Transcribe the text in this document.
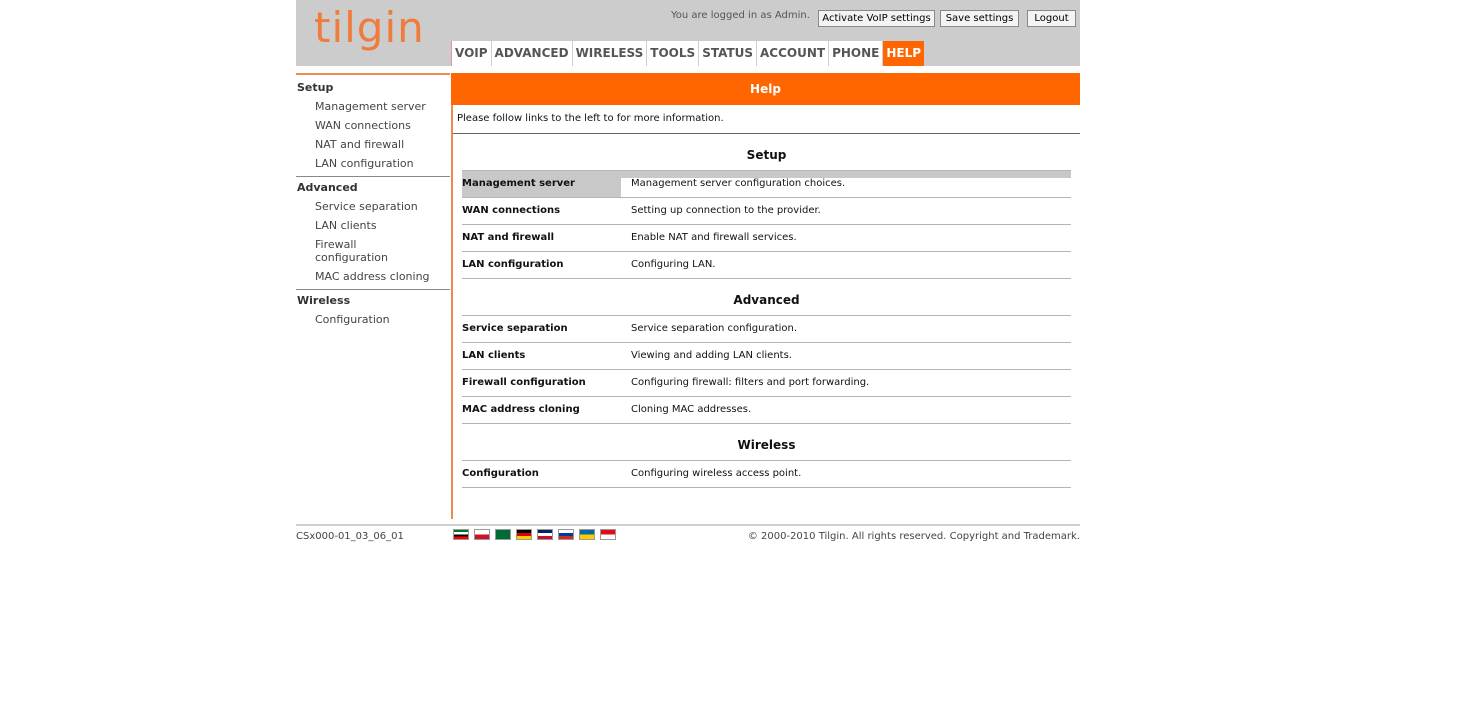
tilgin	You are logged in as Admin.	Activate VoIP settings	Save settings	Logout
VOIP ADVANCED WIRELESS TOOLS STATUS ACCOUNT PHONE HELP
Setup
Management server
WAN connections
NAT and firewall
LAN configuration
Advanced
Service separation
LAN clients
Firewall configuration
MAC address cloning
Wireless
Configuration
Help
Please follow links to the left to for more information.
Setup
Management server	Management server configuration choices.
WAN connections	Setting up connection to the provider.
NAT and firewall	Enable NAT and firewall services.
LAN configuration	Configuring LAN.
Advanced
Service separation	Service separation configuration.
LAN clients	Viewing and adding LAN clients.
Firewall configuration	Configuring firewall: filters and port forwarding.
MAC address cloning	Cloning MAC addresses.
Wireless
Configuration	Configuring wireless access point.
CSx000-01_03_06_01	© 2000-2010 Tilgin. All rights reserved. Copyright and Trademark.
